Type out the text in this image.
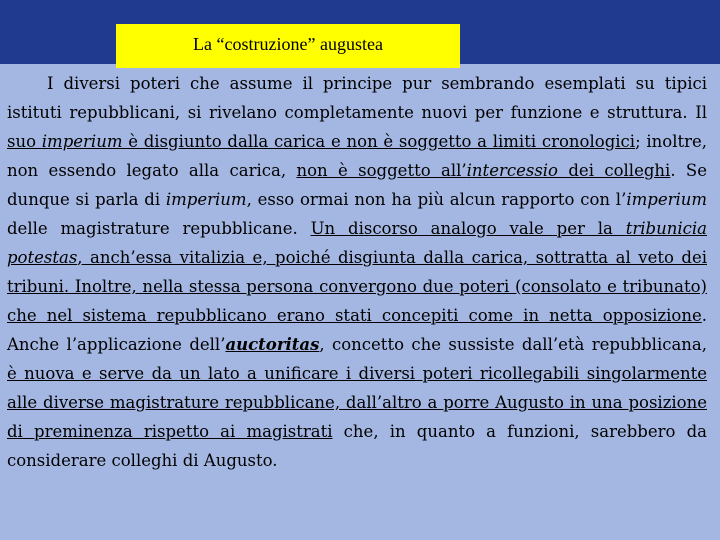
La “costruzione” augustea

I diversi poteri che assume il principe pur sembrando esemplati su tipici istituti repubblicani, si rivelano completamente nuovi per funzione e struttura. Il suo imperium è disgiunto dalla carica e non è soggetto a limiti cronologici; inoltre, non essendo legato alla carica, non è soggetto all’intercessio dei colleghi. Se dunque si parla di imperium, esso ormai non ha più alcun rapporto con l’imperium delle magistrature repubblicane. Un discorso analogo vale per la tribunicia potestas, anch’essa vitalizia e, poiché disgiunta dalla carica, sottratta al veto dei tribuni. Inoltre, nella stessa persona convergono due poteri (consolato e tribunato) che nel sistema repubblicano erano stati concepiti come in netta opposizione. Anche l’applicazione dell’auctoritas, concetto che sussiste dall’età repubblicana, è nuova e serve da un lato a unificare i diversi poteri ricollegabili singolarmente alle diverse magistrature repubblicane, dall’altro a porre Augusto in una posizione di preminenza rispetto ai magistrati che, in quanto a funzioni, sarebbero da considerare colleghi di Augusto.
